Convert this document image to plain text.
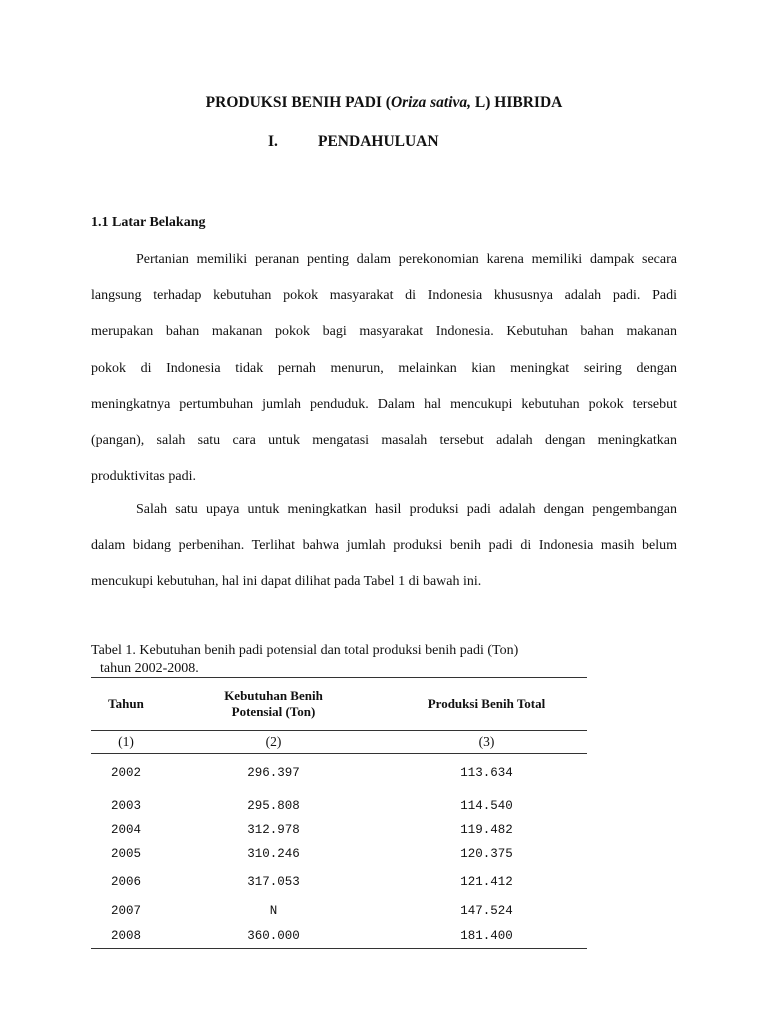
PRODUKSI BENIH PADI (Oriza sativa, L) HIBRIDA
I.	PENDAHULUAN
1.1 Latar Belakang
Pertanian memiliki peranan penting dalam perekonomian karena memiliki dampak secara
langsung terhadap kebutuhan pokok masyarakat di Indonesia khususnya adalah padi. Padi
merupakan bahan makanan pokok bagi masyarakat Indonesia. Kebutuhan bahan makanan
pokok di Indonesia tidak pernah menurun, melainkan kian meningkat seiring dengan
meningkatnya pertumbuhan jumlah penduduk. Dalam hal mencukupi kebutuhan pokok tersebut
(pangan), salah satu cara untuk mengatasi masalah tersebut adalah dengan meningkatkan
produktivitas padi.
Salah satu upaya untuk meningkatkan hasil produksi padi adalah dengan pengembangan
dalam bidang perbenihan. Terlihat bahwa jumlah produksi benih padi di Indonesia masih belum
mencukupi kebutuhan, hal ini dapat dilihat pada Tabel 1 di bawah ini.
Tabel 1. Kebutuhan benih padi potensial dan total produksi benih padi (Ton)
tahun 2002-2008.
Tahun	Kebutuhan Benih Potensial (Ton)	Produksi Benih Total
(1)	(2)	(3)
2002	296.397	113.634
2003	295.808	114.540
2004	312.978	119.482
2005	310.246	120.375
2006	317.053	121.412
2007	N	147.524
2008	360.000	181.400
